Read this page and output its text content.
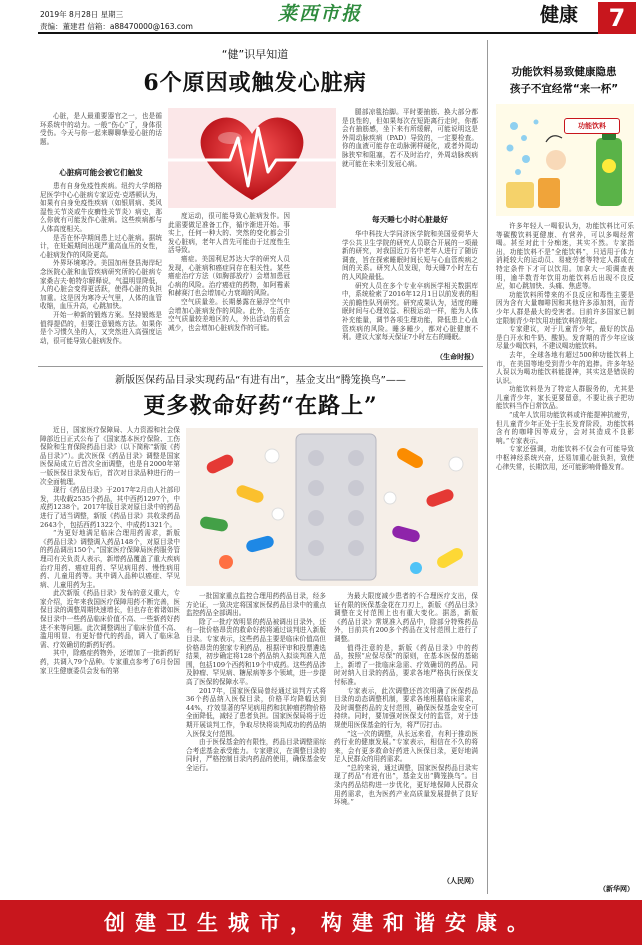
2019年 8月28日 星期三
责编：董建君 信箱：a88470000@163.com
莱西市报	健康	7
“健”识早知道
6个原因或触发心脏病

心脏，是人最重要器官之一，也是循环系统中的动力。一般“伤心”了，身体很受伤。今天与你一起来聊聊挚爱心脏的话题。

心脏病可能会被它们触发

患有自身免疫性疾病。纽约大学朗格尼医学中心心脏病专家迈克·克塔顿认为，如果有自身免疫性疾病（如银屑病、类风湿性关节炎或牛皮癣性关节炎）病史，那么你就有可能发作心脏病。这些疾病都与人体高度相关。

是否在怀孕期间患上过心脏病。据统计，在妊娠期间出现严重高血压的女性，心脏病发作的风险更高。

外界环境寒冷。美国加州登县海岸纪念医院心脏和血管疾病研究所的心脏病专家桑吉夫·帕特尔解释说，气温明显降低，人的心脏会变得更活跃，使得心脏的负担加重。这是因为寒冷天气里，人体的血管收缩，血压升高，心跳加快。

开始一种新的锻炼方案。坚持锻炼是值得提倡的，但要注意锻炼方法。如果你是个习惯久坐的人，又突然进入高强度运动，很可能导致心脏病发作。

度运动，很可能导致心脏病发作。因此需要做足准备工作，循序渐进开始。事实上，任何一种大的、突然的变化都会引发心脏病，老年人首先可能由于过度性生活导致。

癌症。美国利尼苏达大学的研究人员发现，心脏病和癌症同存在相关性。某些癌症治疗方法（如胸部放疗）会增加患冠心病的风险。治疗癌症的药物，如阿霉素和赫赛汀也会增加心力衰竭的风险。

空气质量差。长期暴露在悬浮空气中会增加心脏病发作的风险。此外，生活在空气质量较差地区的人，外出活动的机会减少，也会增加心脏病发作的可能。

腿部凉毯抬脚。平时要抽筋、换大部分都是良性的，但如果每次在短距离行走时，你都会有抽筋感，坐下来有所缓解，可能说明这是外周动脉疾病（PAD）导致的，一定要检查。你的血液可能存在动脉粥样硬化，或者外周动脉狭窄和阻塞，若不及时治疗，外周动脉疾病就可能在未来引发冠心病。

每天睡七小时心脏最好

华中科技大学同济医学院和美国爱荷华大学公共卫生学院的研究人员联合开展的一项最新的研究，对我国近万名中老年人进行了随访调查，旨在探索睡眠时间长短与心血管疾病之间的关系。研究人员发现，每天睡7小时左右的人风险最低。

研究人员在多个专业卒病医学相关数据库中，系统检索了2016年12月1日以前发表的相关前瞻性队列研究。研究成果认为，适度的睡眠时间与心理效益、积极运动一样，能为人体补充能量，调节各项生理功能，降低患上心血管疾病的风险。睡多睡少，都对心脏健康不利。建议大家每天保证7小时左右的睡眠。

（生命时报）
功能饮料易致健康隐患
孩子不宜经常“来一杯”
功能饮料

许多年轻人一喝很认为，功能饮料比可乐等碳酸饮料更健康、有营养，可以多喝经常喝。甚至对此十分痴迷，其实不然。专家指出，功能饮料不是“全能饮料”，只适用于体力消耗较大的运动员、易疲劳者等特定人群或在特定条件下才可以饮用。加拿大一项调查表明，逾半数青年饮用功能饮料后出现不良反应，如心跳加快、头痛、焦虑等。

功能饮料所带来的不良反应和毒性主要是因为含有大量咖啡因和其他许多添加剂，而青少年人群是最大的受害者。目前许多国家已制定限制青少年饮用功能饮料的规定。

专家建议，对于儿童青少年，最好的饮品是白开水和牛奶、酸奶。发育期的青少年应该尽量少喝饮料，不建议喝功能饮料。

去年，全球各地有超过500种功能饮料上市，在美国等地受到青少年的追捧。许多年轻人误以为喝功能饮料能提神，其实这是错误的认识。

功能饮料是为了特定人群服务的，尤其是儿童青少年，家长更要留意，不要让孩子把功能饮料当作日常饮品。

“成年人饮用功能饮料或许能提神抗疲劳，但儿童青少年正处于生长发育阶段，功能饮料含有的咖啡因等成分，会对其造成不良影响。”专家表示。

专家还强调，功能饮料不仅会有可能导致中枢神经系统兴奋，还易加重心脏负担，致使心律失常，长期饮用，还可能影响骨骼发育。

（新华网）
新版医保药品目录实现药品“有进有出”，基金支出“腾笼换鸟”——
更多救命好药“在路上”

近日，国家医疗保障局、人力资源和社会保障部近日正式公布了《国家基本医疗保险、工伤保险和生育保险药品目录》（以下简称“新版《药品目录》”）。此次医保《药品目录》调整是国家医保局成立后首次全面调整，也是自2000年第一版医保目录发布后，首次对目录品种进行的一次全面梳理。

现行《药品目录》于2017年2月由人社部印发，共收载2535个药品，其中西药1297个，中成药1238个。2017年版目录对原目录中的药品进行了适当调整，新版《药品目录》共收录药品2643个，包括西药1322个、中成药1321个。

“为更好地满足临床合理用药需求，新版《药品目录》调整调入药品148个，对原目录中的药品调出150个。”国家医疗保障局医药服务管理司有关负责人表示，新增药品覆盖了重大疾病治疗用药、癌症用药、罕见病用药、慢性病用药、儿童用药等。其中调入品种以癌症、罕见病、儿童用药为主。

此次新版《药品目录》发布的意义重大，专家介绍，近年来我国医疗保障用药不断完善，医保目录的调整周期快速增长，但也存在着诸如医保目录中一些药品临床价值不高、一些新药好药进不来等问题。此次调整调出了临床价值不高、滥用明显、有更好替代的药品，调入了临床急需、疗效确切的新药好药。

其中，除癌症药物外，还增加了一批新药好药，共调入79个品种。专家重点参考了6月份国家卫生健康委员会发布的第

一批国家重点监控合理用药药品目录，经多方论证，一致决定将国家医保药品目录中的重点监控药品全部调出。

除了一批疗效明显的药品被调出目录外，还有一批价格昂贵的救命好药将通过谈判进入新版目录。专家表示，这些药品主要是临床价值高但价格昂贵的独家专利药品，根据评审和投票遴选结果，初步确定将128个药品纳入拟谈判准入范围，包括109个西药和19个中成药。这些药品涉及肿瘤、罕见病、糖尿病等多个领域，进一步提高了医保的保障水平。

2017年，国家医保局曾经通过谈判方式将36个药品纳入医保目录，价格平均降幅达到44%，疗效显著的罕见病用药和抗肿瘤药物价格全面降低，减轻了患者负担。国家医保局将于近期开展谈判工作，争取尽快将谈判成功的药品纳入医保支付范围。

由于医保基金的有限性，药品目录调整需综合考虑基金承受能力。专家建议，在调整目录的同时，严格控制目录内药品的使用，确保基金安全运行。

为最大限度减少患者的不合理医疗支出，保证有限的医保基金花在刀刃上，新版《药品目录》调整在支付范围上也有重大变化。据悉，新版《药品目录》常规准入药品中，除部分特殊药品外，目前共有200多个药品在支付范围上进行了调整。

值得注意的是，新版《药品目录》中的药品，按照“应保尽保”的原则，在基本医保的基础上，新增了一批临床急需、疗效确切的药品。同时对纳入目录的药品，要求各地严格执行医保支付标准。

专家表示，此次调整还首次明确了医保药品目录的动态调整机制，要求各地根据临床需求，及时调整药品的支付范围，确保医保基金安全可持续。同时，要加强对医保支付的监管，对于违规使用医保基金的行为，将严厉打击。

“这一次的调整，从长远来看，有利于推动医药行业的健康发展。”专家表示，相信在不久的将来，会有更多救命好药进入医保目录，更好地满足人民群众的用药需求。

“总的来说，通过调整，国家医保药品目录实现了药品“有进有出”，基金支出“腾笼换鸟”。目录内药品结构进一步优化，更好地保障人民群众用药需求，也为医药产业高质量发展提供了良好环境。”

（人民网）
创建卫生城市，构建和谐安康。
